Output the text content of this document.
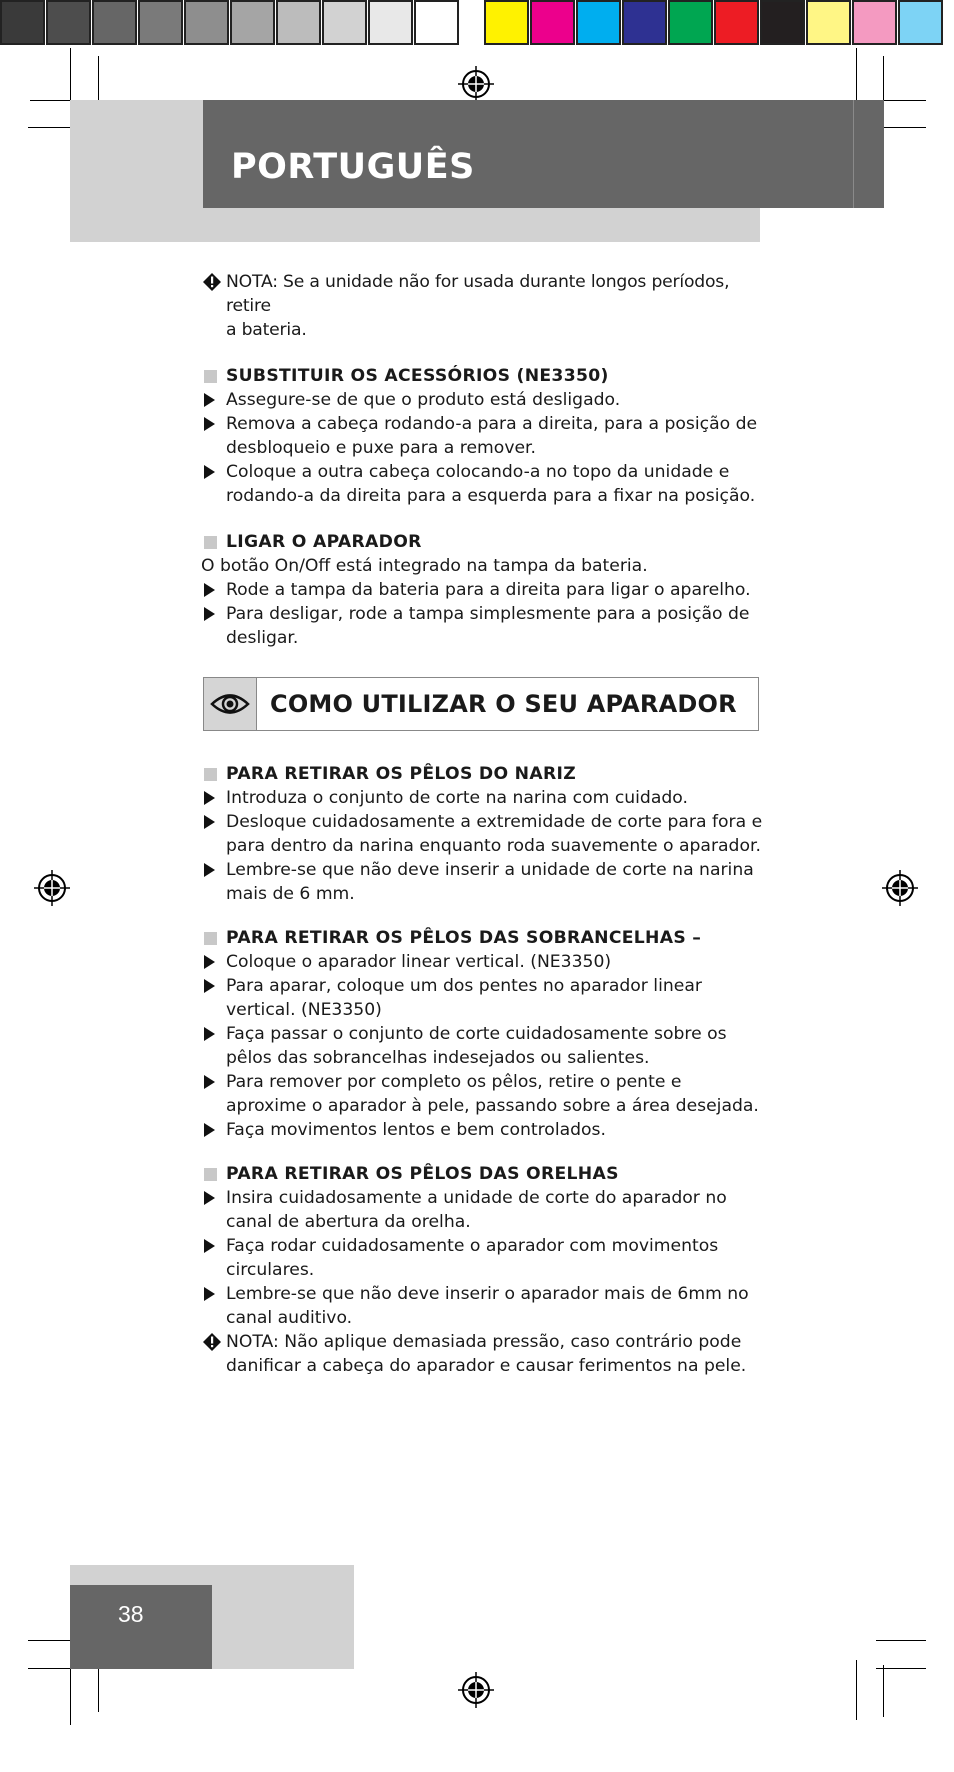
PORTUGUÊS
NOTA: Se a unidade não for usada durante longos períodos, retire
a bateria.
SUBSTITUIR OS ACESSÓRIOS (NE3350)
Assegure-se de que o produto está desligado.
Remova a cabeça rodando-a para a direita, para a posição de
desbloqueio e puxe para a remover.
Coloque a outra cabeça colocando-a no topo da unidade e
rodando-a da direita para a esquerda para a fixar na posição.
LIGAR O APARADOR
O botão On/Off está integrado na tampa da bateria.
Rode a tampa da bateria para a direita para ligar o aparelho.
Para desligar, rode a tampa simplesmente para a posição de
desligar.
COMO UTILIZAR O SEU APARADOR
PARA RETIRAR OS PÊLOS DO NARIZ
Introduza o conjunto de corte na narina com cuidado.
Desloque cuidadosamente a extremidade de corte para fora e
para dentro da narina enquanto roda suavemente o aparador.
Lembre-se que não deve inserir a unidade de corte na narina
mais de 6 mm.
PARA RETIRAR OS PÊLOS DAS SOBRANCELHAS –
Coloque o aparador linear vertical. (NE3350)
Para aparar, coloque um dos pentes no aparador linear
vertical. (NE3350)
Faça passar o conjunto de corte cuidadosamente sobre os
pêlos das sobrancelhas indesejados ou salientes.
Para remover por completo os pêlos, retire o pente e
aproxime o aparador à pele, passando sobre a área desejada.
Faça movimentos lentos e bem controlados.
PARA RETIRAR OS PÊLOS DAS ORELHAS
Insira cuidadosamente a unidade de corte do aparador no
canal de abertura da orelha.
Faça rodar cuidadosamente o aparador com movimentos
circulares.
Lembre-se que não deve inserir o aparador mais de 6mm no
canal auditivo.
NOTA: Não aplique demasiada pressão, caso contrário pode
danificar a cabeça do aparador e causar ferimentos na pele.
38
